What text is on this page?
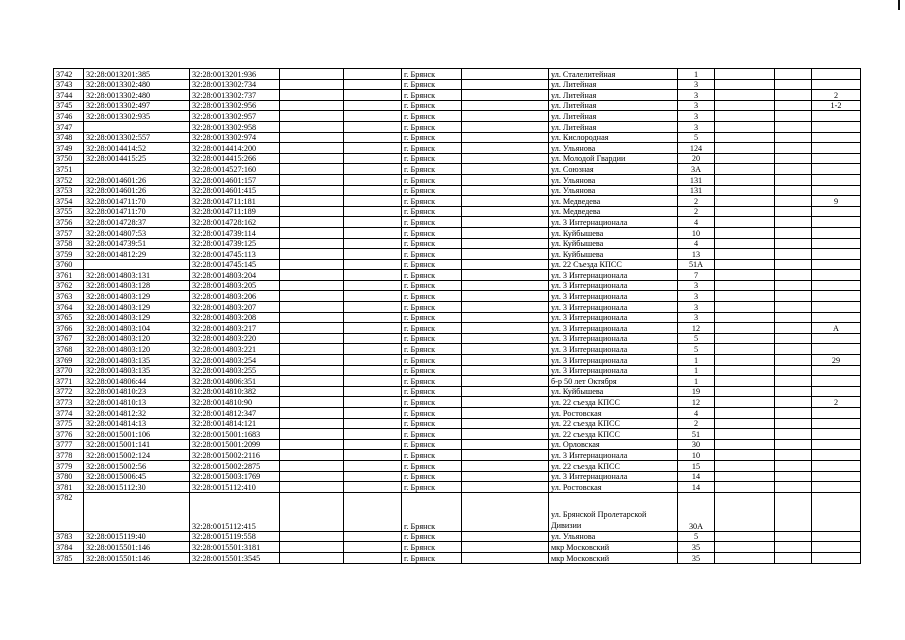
3742	32:28:0013201:385	32:28:0013201:936			г. Брянск		ул. Сталелитейная	1			
3743	32:28:0013302:480	32:28:0013302:734			г. Брянск		ул. Литейная	3			
3744	32:28:0013302:480	32:28:0013302:737			г. Брянск		ул. Литейная	3			2
3745	32:28:0013302:497	32:28:0013302:956			г. Брянск		ул. Литейная	3			1-2
3746	32:28:0013302:935	32:28:0013302:957			г. Брянск		ул. Литейная	3			
3747		32:28:0013302:958			г. Брянск		ул. Литейная	3			
3748	32:28:0013302:557	32:28:0013302:974			г. Брянск		ул. Кислородная	5			
3749	32:28:0014414:52	32:28:0014414:200			г. Брянск		ул. Ульянова	124			
3750	32:28:0014415:25	32:28:0014415:266			г. Брянск		ул. Молодой Гвардии	20			
3751		32:28:0014527:160			г. Брянск		ул. Союзная	3А			
3752	32:28:0014601:26	32:28:0014601:157			г. Брянск		ул. Ульянова	131			
3753	32:28:0014601:26	32:28:0014601:415			г. Брянск		ул. Ульянова	131			
3754	32:28:0014711:70	32:28:0014711:181			г. Брянск		ул. Медведева	2			9
3755	32:28:0014711:70	32:28:0014711:189			г. Брянск		ул. Медведева	2			
3756	32:28:0014728:37	32:28:0014728:162			г. Брянск		ул. 3 Интернационала	4			
3757	32:28:0014807:53	32:28:0014739:114			г. Брянск		ул. Куйбышева	10			
3758	32:28:0014739:51	32:28:0014739:125			г. Брянск		ул. Куйбышева	4			
3759	32:28:0014812:29	32:28:0014745:113			г. Брянск		ул. Куйбышева	13			
3760		32:28:0014745:145			г. Брянск		ул. 22 Съезда КПСС	51А			
3761	32:28:0014803:131	32:28:0014803:204			г. Брянск		ул. 3 Интернационала	7			
3762	32:28:0014803:128	32:28:0014803:205			г. Брянск		ул. 3 Интернационала	3			
3763	32:28:0014803:129	32:28:0014803:206			г. Брянск		ул. 3 Интернационала	3			
3764	32:28:0014803:129	32:28:0014803:207			г. Брянск		ул. 3 Интернационала	3			
3765	32:28:0014803:129	32:28:0014803:208			г. Брянск		ул. 3 Интернационала	3			
3766	32:28:0014803:104	32:28:0014803:217			г. Брянск		ул. 3 Интернационала	12			А
3767	32:28:0014803:120	32:28:0014803:220			г. Брянск		ул. 3 Интернационала	5			
3768	32:28:0014803:120	32:28:0014803:221			г. Брянск		ул. 3 Интернационала	5			
3769	32:28:0014803:135	32:28:0014803:254			г. Брянск		ул. 3 Интернационала	1			29
3770	32:28:0014803:135	32:28:0014803:255			г. Брянск		ул. 3 Интернационала	1			
3771	32:28:0014806:44	32:28:0014806:351			г. Брянск		б-р 50 лет Октября	1			
3772	32:28:0014810:23	32:28:0014810:382			г. Брянск		ул. Куйбышева	19			
3773	32:28:0014810:13	32:28:0014810:90			г. Брянск		ул. 22 съезда КПСС	12			2
3774	32:28:0014812:32	32:28:0014812:347			г. Брянск		ул. Ростовская	4			
3775	32:28:0014814:13	32:28:0014814:121			г. Брянск		ул. 22 съезда КПСС	2			
3776	32:28:0015001:106	32:28:0015001:1683			г. Брянск		ул. 22 съезда КПСС	51			
3777	32:28:0015001:141	32:28:0015001:2099			г. Брянск		ул. Орловская	30			
3778	32:28:0015002:124	32:28:0015002:2116			г. Брянск		ул. 3 Интернационала	10			
3779	32:28:0015002:56	32:28:0015002:2875			г. Брянск		ул. 22 съезда КПСС	15			
3780	32:28:0015006:45	32:28:0015003:1769			г. Брянск		ул. 3 Интернационала	14			
3781	32:28:0015112:30	32:28:0015112:410			г. Брянск		ул. Ростовская	14			
3782		32:28:0015112:415			г. Брянск		ул. Брянской Пролетарской Дивизии	30А			
3783	32:28:0015119:40	32:28:0015119:558			г. Брянск		ул. Ульянова	5			
3784	32:28:0015501:146	32:28:0015501:3181			г. Брянск		мкр Московский	35			
3785	32:28:0015501:146	32:28:0015501:3545			г. Брянск		мкр Московский	35			
